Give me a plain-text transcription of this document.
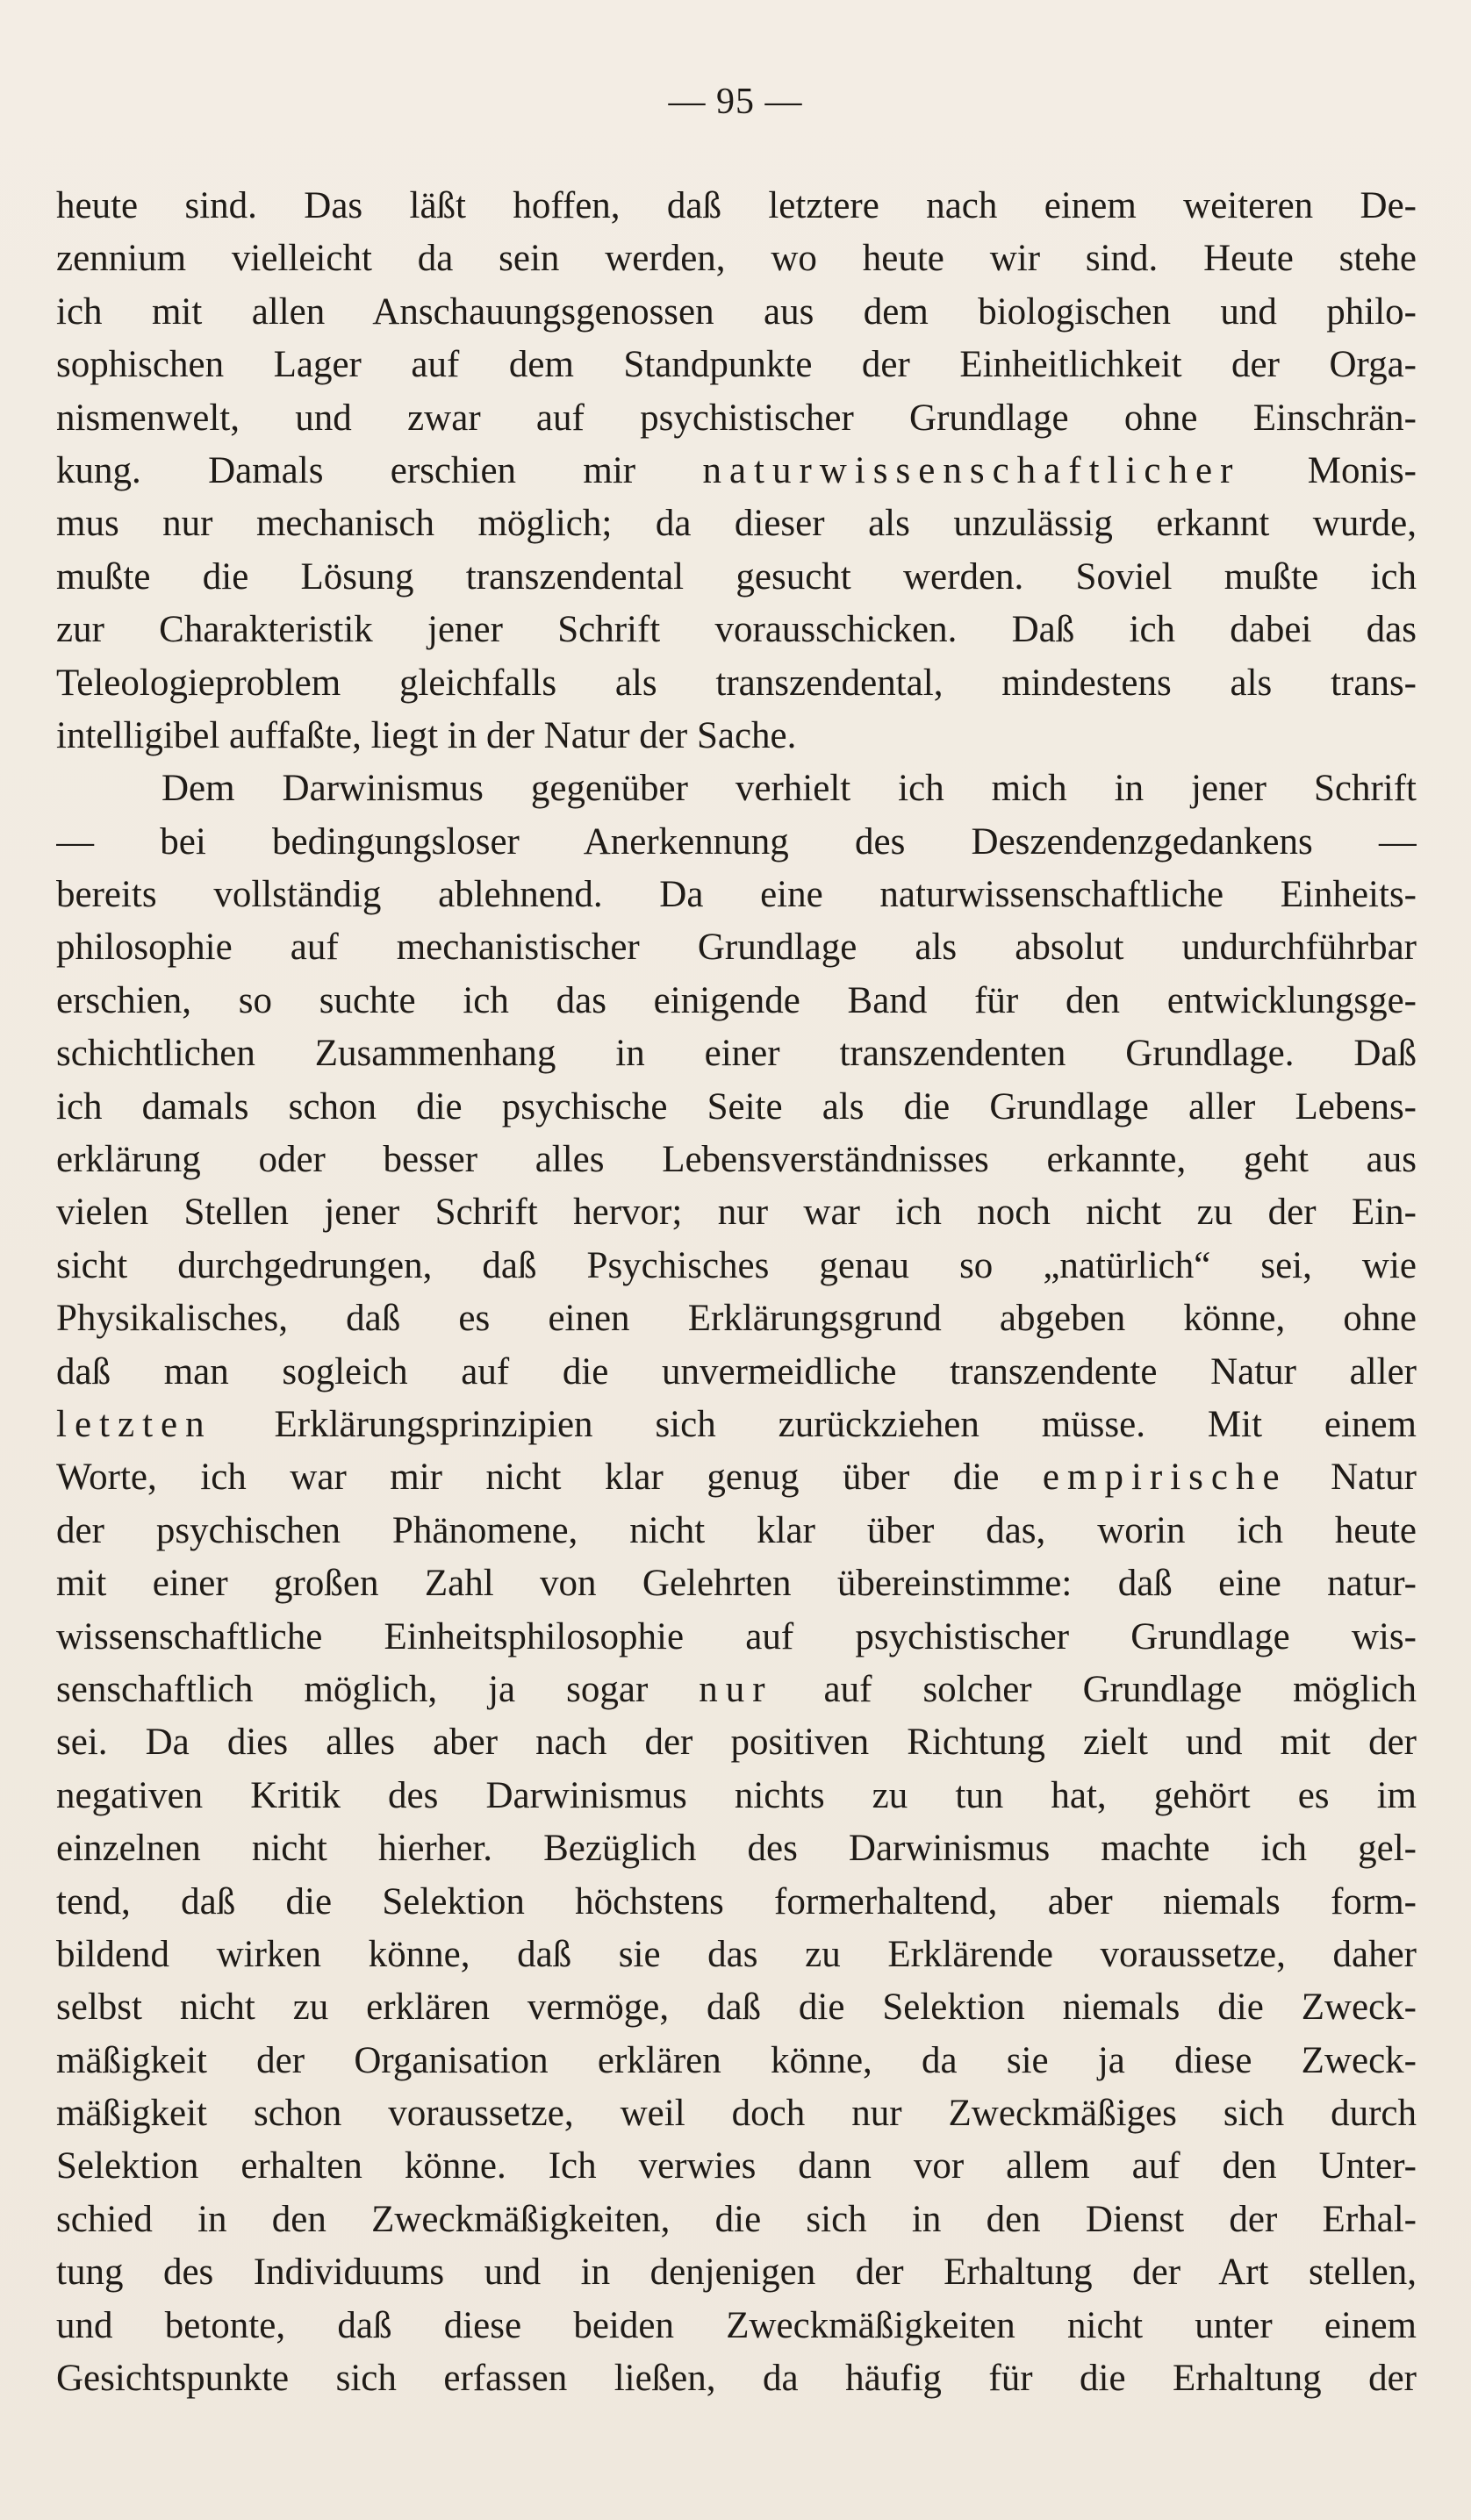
— 95 —
heute sind. Das läßt hoffen, daß letztere nach einem weiteren De-
zennium vielleicht da sein werden, wo heute wir sind. Heute stehe
ich mit allen Anschauungsgenossen aus dem biologischen und philo-
sophischen Lager auf dem Standpunkte der Einheitlichkeit der Orga-
nismenwelt, und zwar auf psychistischer Grundlage ohne Einschrän-
kung. Damals erschien mir naturwissenschaftlicher Monis-
mus nur mechanisch möglich; da dieser als unzulässig erkannt wurde,
mußte die Lösung transzendental gesucht werden. Soviel mußte ich
zur Charakteristik jener Schrift vorausschicken. Daß ich dabei das
Teleologieproblem gleichfalls als transzendental, mindestens als trans-
intelligibel auffaßte, liegt in der Natur der Sache.
Dem Darwinismus gegenüber verhielt ich mich in jener Schrift
— bei bedingungsloser Anerkennung des Deszendenzgedankens —
bereits vollständig ablehnend. Da eine naturwissenschaftliche Einheits-
philosophie auf mechanistischer Grundlage als absolut undurchführbar
erschien, so suchte ich das einigende Band für den entwicklungsge-
schichtlichen Zusammenhang in einer transzendenten Grundlage. Daß
ich damals schon die psychische Seite als die Grundlage aller Lebens-
erklärung oder besser alles Lebensverständnisses erkannte, geht aus
vielen Stellen jener Schrift hervor; nur war ich noch nicht zu der Ein-
sicht durchgedrungen, daß Psychisches genau so „natürlich“ sei, wie
Physikalisches, daß es einen Erklärungsgrund abgeben könne, ohne
daß man sogleich auf die unvermeidliche transzendente Natur aller
letzten Erklärungsprinzipien sich zurückziehen müsse. Mit einem
Worte, ich war mir nicht klar genug über die empirische Natur
der psychischen Phänomene, nicht klar über das, worin ich heute
mit einer großen Zahl von Gelehrten übereinstimme: daß eine natur-
wissenschaftliche Einheitsphilosophie auf psychistischer Grundlage wis-
senschaftlich möglich, ja sogar nur auf solcher Grundlage möglich
sei. Da dies alles aber nach der positiven Richtung zielt und mit der
negativen Kritik des Darwinismus nichts zu tun hat, gehört es im
einzelnen nicht hierher. Bezüglich des Darwinismus machte ich gel-
tend, daß die Selektion höchstens formerhaltend, aber niemals form-
bildend wirken könne, daß sie das zu Erklärende voraussetze, daher
selbst nicht zu erklären vermöge, daß die Selektion niemals die Zweck-
mäßigkeit der Organisation erklären könne, da sie ja diese Zweck-
mäßigkeit schon voraussetze, weil doch nur Zweckmäßiges sich durch
Selektion erhalten könne. Ich verwies dann vor allem auf den Unter-
schied in den Zweckmäßigkeiten, die sich in den Dienst der Erhal-
tung des Individuums und in denjenigen der Erhaltung der Art stellen,
und betonte, daß diese beiden Zweckmäßigkeiten nicht unter einem
Gesichtspunkte sich erfassen ließen, da häufig für die Erhaltung der
